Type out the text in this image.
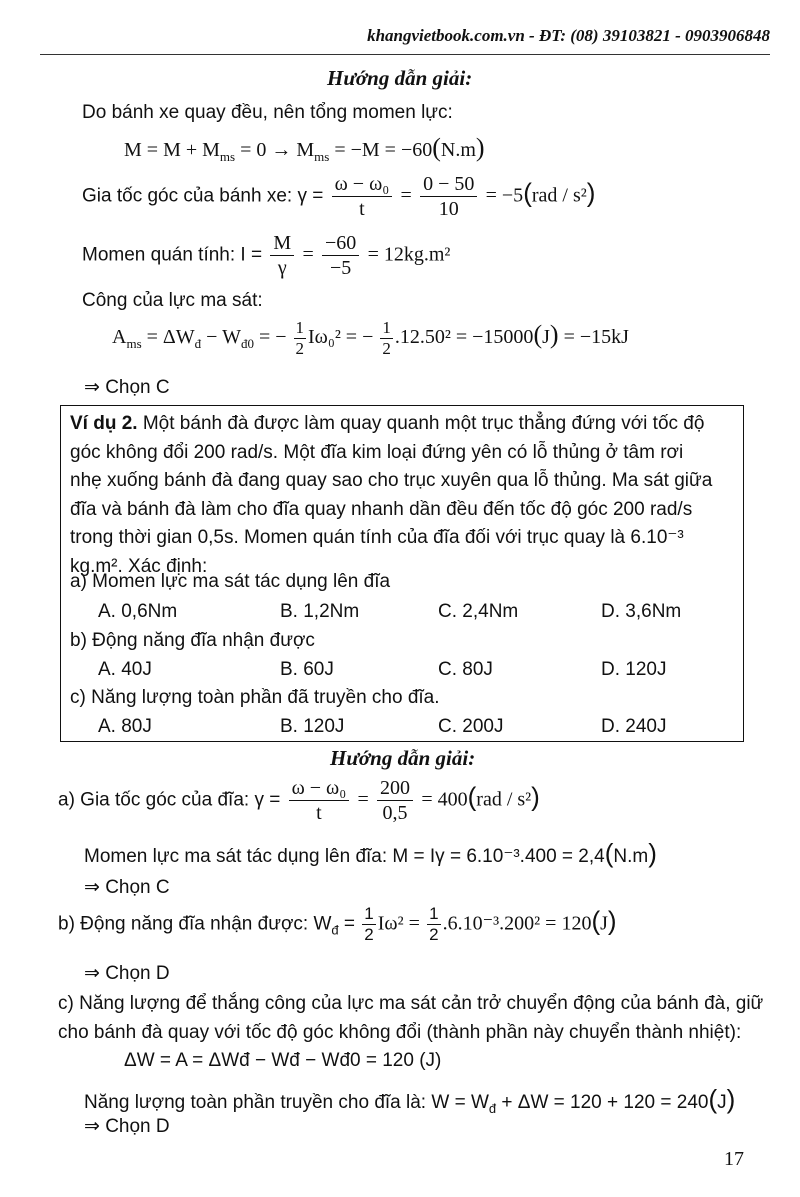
khangvietbook.com.vn - ĐT: (08) 39103821 - 0903906848
Hướng dẫn giải:
Do bánh xe quay đều, nên tổng momen lực:
$M = M + M_{ms} = 0 \to M_{ms} = -M = -60(N.m)$
Gia tốc góc của bánh xe: $\gamma = \frac{\text{ω − ω₀}}{t} = \frac{0 - 50}{10} = -5(rad / s^2)$
Momen quán tính: $I = \frac{M}{\gamma} = \frac{-60}{-5} = 12kg.m^2$
Công của lực ma sát:
$A_{ms} = \Delta W_đ - W_{đ0}$ = − $\frac{1}{2} I\omega_0^2$ = − $\frac{1}{2} .12.50^2 = -15000(J) = -15kJ$
⇒ Chọn C
Ví dụ 2. Một bánh đà được làm quay quanh một trục thẳng đứng với tốc độ
góc không đổi 200 rad/s. Một đĩa kim loại đứng yên có lỗ thủng ở tâm rơi
nhẹ xuống bánh đà đang quay sao cho trục xuyên qua lỗ thủng. Ma sát giữa
đĩa và bánh đà làm cho đĩa quay nhanh dần đều đến tốc độ góc 200 rad/s
trong thời gian 0,5s. Momen quán tính của đĩa đối với trục quay là 6.10⁻³
kg.m². Xác định:
a) Momen lực ma sát tác dụng lên đĩa
A. 0,6Nm	B. 1,2Nm	C. 2,4Nm	D. 3,6Nm
b) Động năng đĩa nhận được
A. 40J	B. 60J	C. 80J	D. 120J
c) Năng lượng toàn phần đã truyền cho đĩa.
A. 80J	B. 120J	C. 200J	D. 240J
Hướng dẫn giải:
a) Gia tốc góc của đĩa: $\gamma = \frac{\text{ω − ω₀}}{t} = \frac{200}{0,5} = 400(rad / s^2)$
Momen lực ma sát tác dụng lên đĩa: M = Iγ = 6.10⁻³.400 = 2,4(N.m)
⇒ Chọn C
b) Động năng đĩa nhận được: $W_đ = \frac{1}{2} I\omega^2 = \frac{1}{2} .6.10^{-3}.200^2 = 120(J)$
⇒ Chọn D
c) Năng lượng để thắng công của lực ma sát cản trở chuyển động của bánh đà, giữ
cho bánh đà quay với tốc độ góc không đổi (thành phần này chuyển thành nhiệt):
ΔW = A = ΔWđ − Wđ − Wđ0 = 120 (J)
Năng lượng toàn phần truyền cho đĩa là: $W = W_đ + \Delta W = 120 + 120 = 240(J)$
⇒ Chọn D
17
